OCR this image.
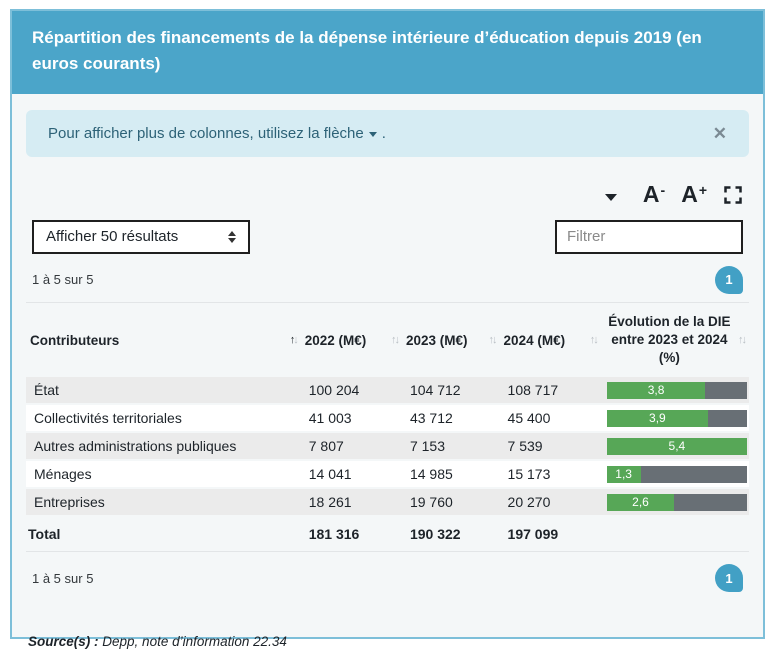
Répartition des financements de la dépense intérieure d’éducation depuis 2019 (en euros courants)
Pour afficher plus de colonnes, utilisez la flèche .	✕
A - A +
Afficher 50 résultats
Filtrer
1 à 5 sur 5	1
Contributeurs ↑↓	2022 (M€) ↑↓	2023 (M€) ↑↓	2024 (M€) ↑↓	Évolution de la DIE entre 2023 et 2024 (%)
↑↓

État	100 204	104 712	108 717	3,8

Collectivités territoriales	41 003	43 712	45 400	3,9

Autres administrations publiques	7 807	7 153	7 539	5,4

Ménages	14 041	14 985	15 173	1,3

Entreprises	18 261	19 760	20 270	2,6

Total	181 316	190 322	197 099	
1 à 5 sur 5	1
Source(s) : Depp, note d’information 22.34
